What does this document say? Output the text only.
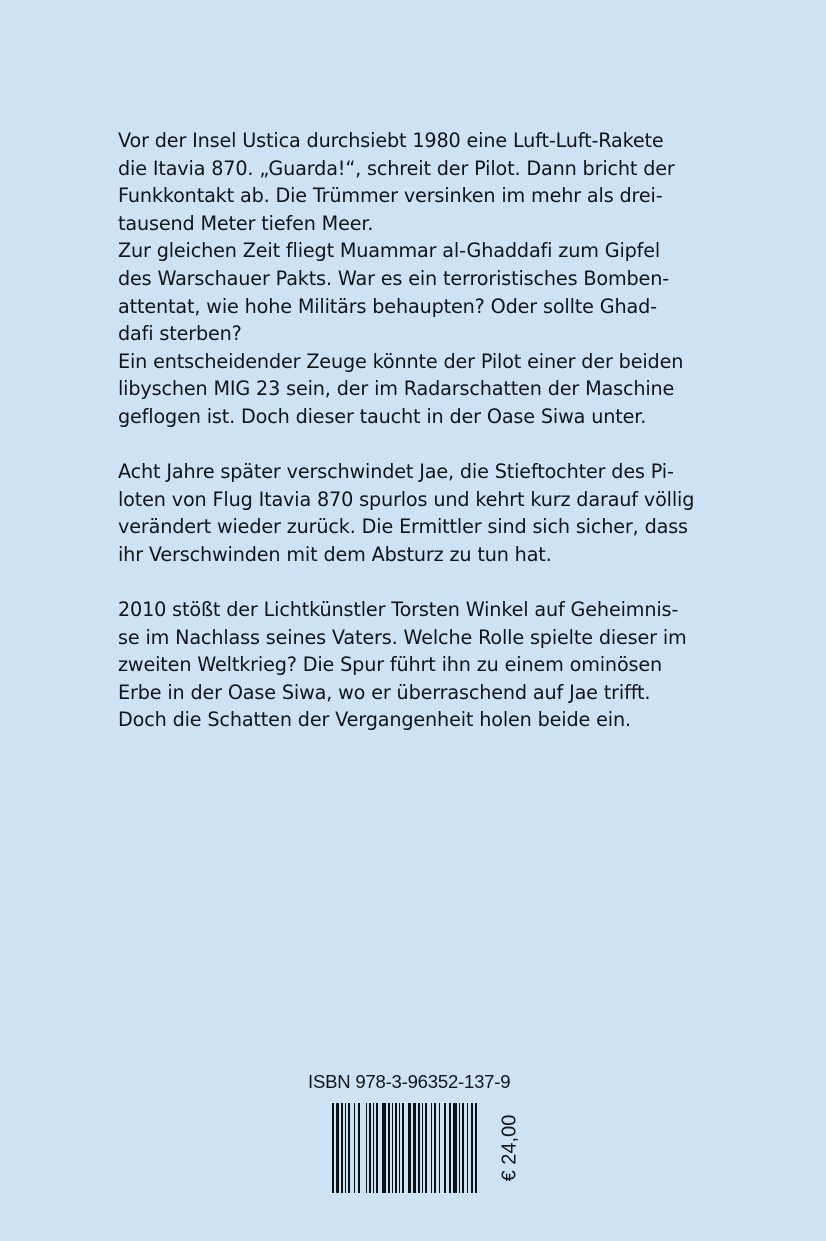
Vor der Insel Ustica durchsiebt 1980 eine Luft-Luft-Rakete
die Itavia 870. „Guarda!“, schreit der Pilot. Dann bricht der
Funkkontakt ab. Die Trümmer versinken im mehr als drei-
tausend Meter tiefen Meer.

Zur gleichen Zeit fliegt Muammar al-Ghaddafi zum Gipfel
des Warschauer Pakts. War es ein terroristisches Bomben-
attentat, wie hohe Militärs behaupten? Oder sollte Ghad-
dafi sterben?

Ein entscheidender Zeuge könnte der Pilot einer der beiden
libyschen MIG 23 sein, der im Radarschatten der Maschine
geflogen ist. Doch dieser taucht in der Oase Siwa unter.

Acht Jahre später verschwindet Jae, die Stieftochter des Pi-
loten von Flug Itavia 870 spurlos und kehrt kurz darauf völlig
verändert wieder zurück. Die Ermittler sind sich sicher, dass
ihr Verschwinden mit dem Absturz zu tun hat.

2010 stößt der Lichtkünstler Torsten Winkel auf Geheimnis-
se im Nachlass seines Vaters. Welche Rolle spielte dieser im
zweiten Weltkrieg? Die Spur führt ihn zu einem ominösen
Erbe in der Oase Siwa, wo er überraschend auf Jae trifft.
Doch die Schatten der Vergangenheit holen beide ein.

ISBN 978-3-96352-137-9
€ 24,00
